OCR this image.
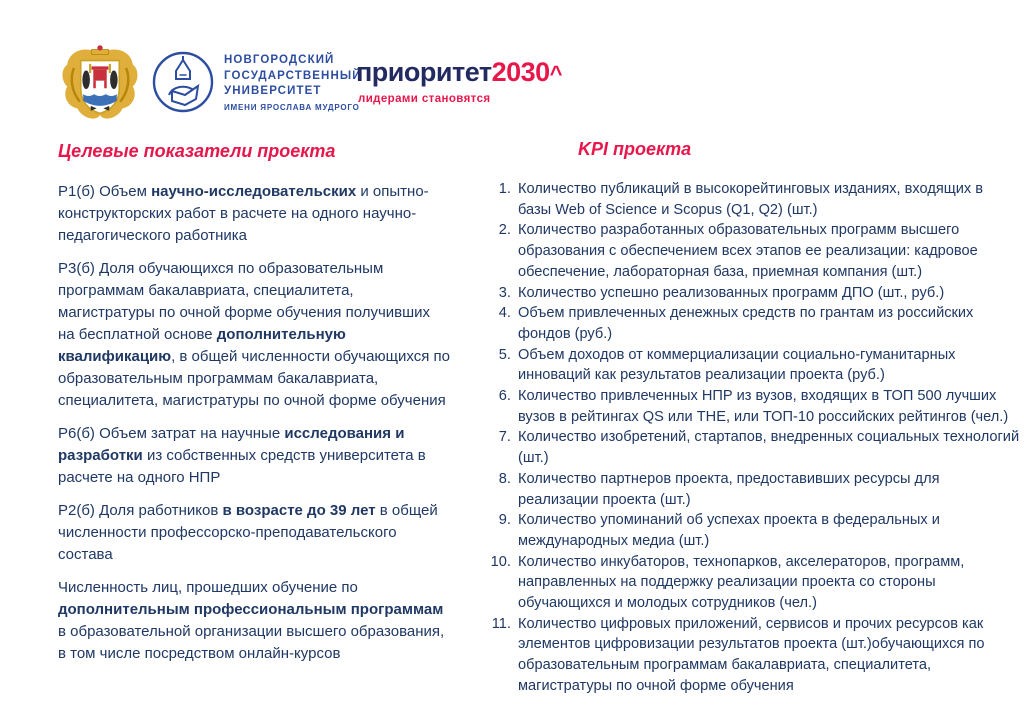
НОВГОРОДСКИЙ
ГОСУДАРСТВЕННЫЙ
УНИВЕРСИТЕТ
ИМЕНИ ЯРОСЛАВА МУДРОГО
приоритет2030^
лидерами становятся
Целевые показатели проекта

Р1(б) Объем научно-исследовательских и опытно-конструкторских работ в расчете на одного научно-педагогического работника

Р3(б) Доля обучающихся по образовательным программам бакалавриата, специалитета, магистратуры по очной форме обучения получивших на бесплатной основе дополнительную квалификацию, в общей численности обучающихся по образовательным программам бакалавриата, специалитета, магистратуры по очной форме обучения

Р6(б) Объем затрат на научные исследования и разработки из собственных средств университета в расчете на одного НПР

Р2(б) Доля работников в возрасте до 39 лет в общей численности профессорско-преподавательского состава

Численность лиц, прошедших обучение по дополнительным профессиональным программам в образовательной организации высшего образования, в том числе посредством онлайн-курсов

KPI проекта
1. Количество публикаций в высокорейтинговых изданиях, входящих в базы Web of Science и Scopus (Q1, Q2) (шт.)
2. Количество разработанных образовательных программ высшего образования с обеспечением всех этапов ее реализации: кадровое обеспечение, лабораторная база, приемная компания (шт.)
3. Количество успешно реализованных программ ДПО (шт., руб.)
4. Объем привлеченных денежных средств по грантам из российских фондов (руб.)
5. Объем доходов от коммерциализации социально-гуманитарных инноваций как результатов реализации проекта (руб.)
6. Количество привлеченных НПР из вузов, входящих в ТОП 500 лучших вузов в рейтингах QS или THE, или ТОП-10 российских рейтингов (чел.)
7. Количество изобретений, стартапов, внедренных социальных технологий (шт.)
8. Количество партнеров проекта, предоставивших ресурсы для реализации проекта (шт.)
9. Количество упоминаний об успехах проекта в федеральных и международных медиа (шт.)
10. Количество инкубаторов, технопарков, акселераторов, программ, направленных на поддержку реализации проекта со стороны обучающихся и молодых сотрудников (чел.)
11. Количество цифровых приложений, сервисов и прочих ресурсов как элементов цифровизации результатов проекта (шт.)обучающихся по образовательным программам бакалавриата, специалитета, магистратуры по очной форме обучения
